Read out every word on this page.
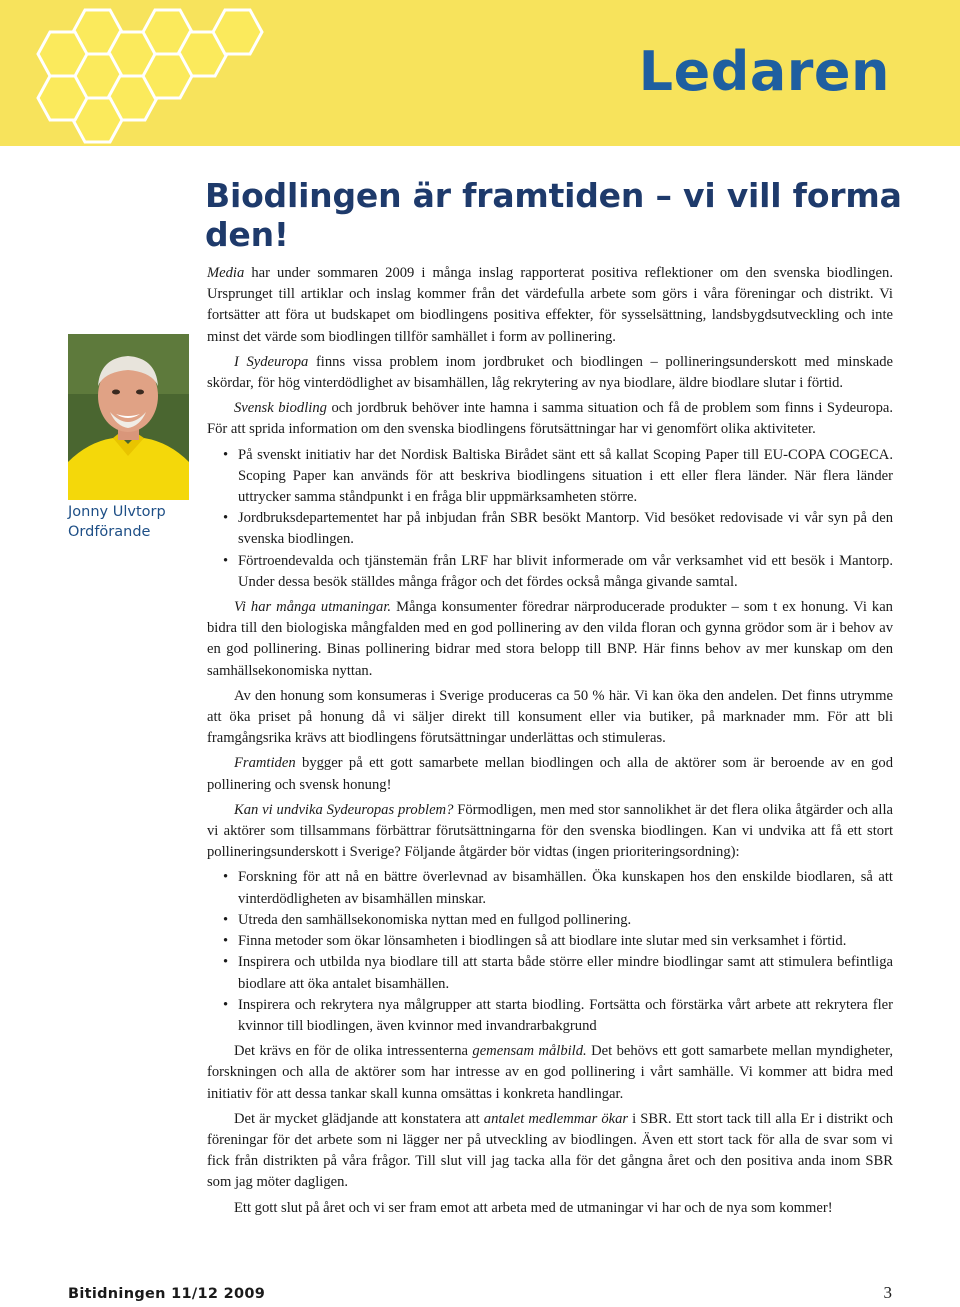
Ledaren
Biodlingen är framtiden – vi vill forma den!
Jonny Ulvtorp
Ordförande

Media har under sommaren 2009 i många inslag rapporterat positiva reflektioner om den svenska biodlingen. Ursprunget till artiklar och inslag kommer från det värdefulla arbete som görs i våra föreningar och distrikt. Vi fortsätter att föra ut budskapet om biodlingens positiva effekter, för sysselsättning, landsbygdsutveckling och inte minst det värde som biodlingen tillför samhället i form av pollinering.

I Sydeuropa finns vissa problem inom jordbruket och biodlingen – pollineringsunderskott med minskade skördar, för hög vinterdödlighet av bisamhällen, låg rekrytering av nya biodlare, äldre biodlare slutar i förtid.

Svensk biodling och jordbruk behöver inte hamna i samma situation och få de problem som finns i Sydeuropa. För att sprida information om den svenska biodlingens förutsättningar har vi genomfört olika aktiviteter.

• På svenskt initiativ har det Nordisk Baltiska Birådet sänt ett så kallat Scoping Paper till EU-COPA COGECA. Scoping Paper kan används för att beskriva biodlingens situation i ett eller flera länder. När flera länder uttrycker samma ståndpunkt i en fråga blir uppmärksamheten större.
• Jordbruksdepartementet har på inbjudan från SBR besökt Mantorp. Vid besöket redovisade vi vår syn på den svenska biodlingen.
• Förtroendevalda och tjänstemän från LRF har blivit informerade om vår verksamhet vid ett besök i Mantorp. Under dessa besök ställdes många frågor och det fördes också många givande samtal.

Vi har många utmaningar. Många konsumenter föredrar närproducerade produkter – som t ex honung. Vi kan bidra till den biologiska mångfalden med en god pollinering av den vilda floran och gynna grödor som är i behov av en god pollinering. Binas pollinering bidrar med stora belopp till BNP. Här finns behov av mer kunskap om den samhällsekonomiska nyttan.

Av den honung som konsumeras i Sverige produceras ca 50 % här. Vi kan öka den andelen. Det finns utrymme att öka priset på honung då vi säljer direkt till konsument eller via butiker, på marknader mm. För att bli framgångsrika krävs att biodlingens förutsättningar underlättas och stimuleras.

Framtiden bygger på ett gott samarbete mellan biodlingen och alla de aktörer som är beroende av en god pollinering och svensk honung!

Kan vi undvika Sydeuropas problem? Förmodligen, men med stor sannolikhet är det flera olika åtgärder och alla vi aktörer som tillsammans förbättrar förutsättningarna för den svenska biodlingen. Kan vi undvika att få ett stort pollineringsunderskott i Sverige? Följande åtgärder bör vidtas (ingen prioriteringsordning):

• Forskning för att nå en bättre överlevnad av bisamhällen. Öka kunskapen hos den enskilde biodlaren, så att vinterdödligheten av bisamhällen minskar.
• Utreda den samhällsekonomiska nyttan med en fullgod pollinering.
• Finna metoder som ökar lönsamheten i biodlingen så att biodlare inte slutar med sin verksamhet i förtid.
• Inspirera och utbilda nya biodlare till att starta både större eller mindre biodlingar samt att stimulera befintliga biodlare att öka antalet bisamhällen.
• Inspirera och rekrytera nya målgrupper att starta biodling. Fortsätta och förstärka vårt arbete att rekrytera fler kvinnor till biodlingen, även kvinnor med invandrarbakgrund

Det krävs en för de olika intressenterna gemensam målbild. Det behövs ett gott samarbete mellan myndigheter, forskningen och alla de aktörer som har intresse av en god pollinering i vårt samhälle. Vi kommer att bidra med initiativ för att dessa tankar skall kunna omsättas i konkreta handlingar.

Det är mycket glädjande att konstatera att antalet medlemmar ökar i SBR. Ett stort tack till alla Er i distrikt och föreningar för det arbete som ni lägger ner på utveckling av biodlingen. Även ett stort tack för alla de svar som vi fick från distrikten på våra frågor. Till slut vill jag tacka alla för det gångna året och den positiva anda inom SBR som jag möter dagligen.

Ett gott slut på året och vi ser fram emot att arbeta med de utmaningar vi har och de nya som kommer!

Bitidningen 11/12 2009	3
